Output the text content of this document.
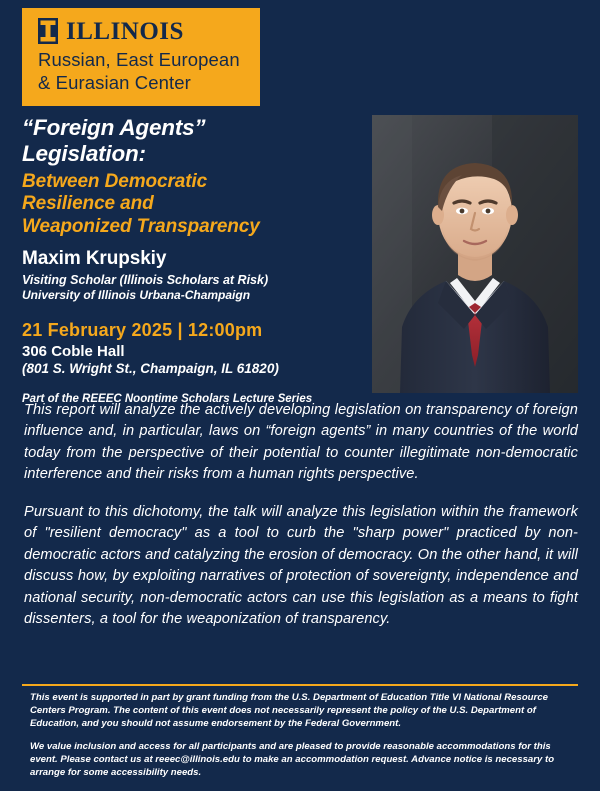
ILLINOIS
Russian, East European
& Eurasian Center
“Foreign Agents”
Legislation:
Between Democratic
Resilience and
Weaponized Transparency
Maxim Krupskiy
Visiting Scholar (Illinois Scholars at Risk)
University of Illinois Urbana-Champaign
21 February 2025 | 12:00pm
306 Coble Hall
(801 S. Wright St., Champaign, IL 61820)
Part of the REEEC Noontime Scholars Lecture Series

This report will analyze the actively developing legislation on transparency of foreign influence and, in particular, laws on “foreign agents” in many countries of the world today from the perspective of their potential to counter illegitimate non-democratic interference and their risks from a human rights perspective.

Pursuant to this dichotomy, the talk will analyze this legislation within the framework of "resilient democracy" as a tool to curb the "sharp power" practiced by non-democratic actors and catalyzing the erosion of democracy. On the other hand, it will discuss how, by exploiting narratives of protection of sovereignty, independence and national security, non-democratic actors can use this legislation as a means to fight dissenters, a tool for the weaponization of transparency.

This event is supported in part by grant funding from the U.S. Department of Education Title VI National Resource Centers Program. The content of this event does not necessarily represent the policy of the U.S. Department of Education, and you should not assume endorsement by the Federal Government.

We value inclusion and access for all participants and are pleased to provide reasonable accommodations for this event. Please contact us at reeec@illinois.edu to make an accommodation request. Advance notice is necessary to arrange for some accessibility needs.
